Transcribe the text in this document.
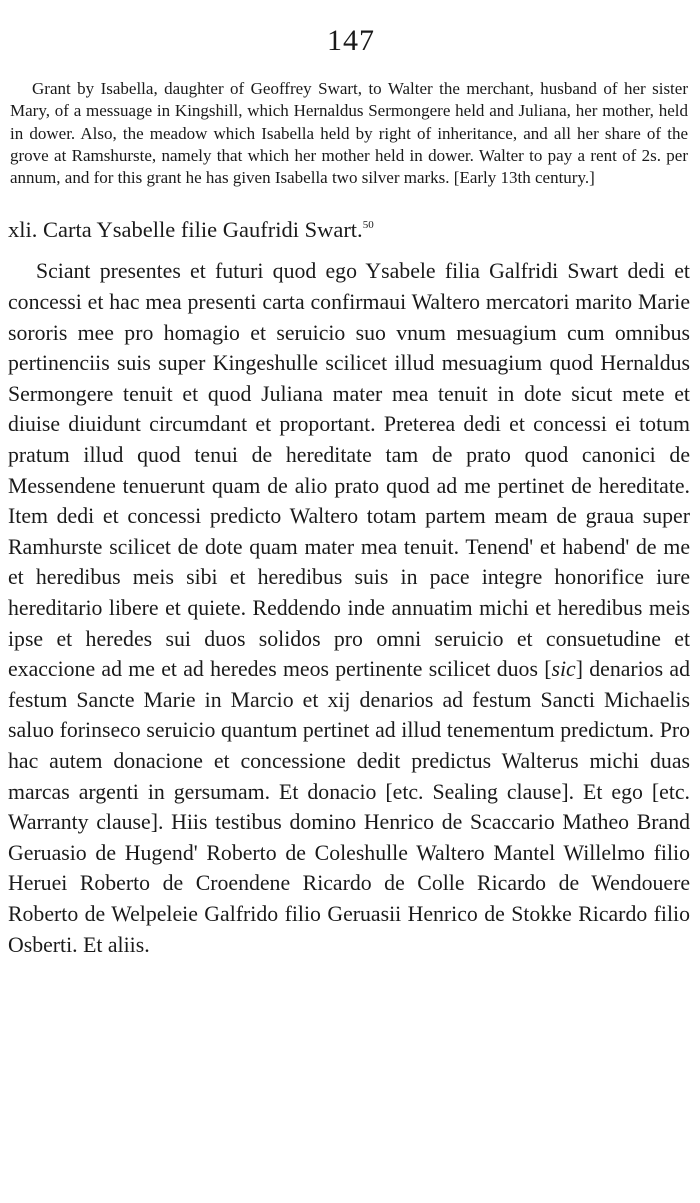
147

Grant by Isabella, daughter of Geoffrey Swart, to Walter the merchant, husband of her sister Mary, of a messuage in Kingshill, which Hernaldus Sermongere held and Juliana, her mother, held in dower. Also, the meadow which Isabella held by right of inheritance, and all her share of the grove at Ramshurste, namely that which her mother held in dower. Walter to pay a rent of 2s. per annum, and for this grant he has given Isabella two silver marks. [Early 13th century.]

xli. Carta Ysabelle filie Gaufridi Swart.$^{50}$

Sciant presentes et futuri quod ego Ysabele filia Galfridi Swart dedi et concessi et hac mea presenti carta confirmaui Waltero mercatori marito Marie sororis mee pro homagio et seruicio suo vnum mesuagium cum omnibus pertinenciis suis super Kingeshulle scilicet illud mesuagium quod Hernaldus Sermongere tenuit et quod Juliana mater mea tenuit in dote sicut mete et diuise diuidunt circumdant et proportant. Preterea dedi et concessi ei totum pratum illud quod tenui de hereditate tam de prato quod canonici de Messendene tenuerunt quam de alio prato quod ad me pertinet de hereditate. Item dedi et concessi predicto Waltero totam partem meam de graua super Ramhurste scilicet de dote quam mater mea tenuit. Tenend' et habend' de me et heredibus meis sibi et heredibus suis in pace integre honorifice iure hereditario libere et quiete. Reddendo inde annuatim michi et heredibus meis ipse et heredes sui duos solidos pro omni seruicio et consuetudine et exaccione ad me et ad heredes meos pertinente scilicet duos [sic] denarios ad festum Sancte Marie in Marcio et xij denarios ad festum Sancti Michaelis saluo forinseco seruicio quantum pertinet ad illud tenementum predictum. Pro hac autem donacione et concessione dedit predictus Walterus michi duas marcas argenti in gersumam. Et donacio [etc. Sealing clause]. Et ego [etc. Warranty clause]. Hiis testibus domino Henrico de Scaccario Matheo Brand Geruasio de Hugend' Roberto de Coleshulle Waltero Mantel Willelmo filio Heruei Roberto de Croendene Ricardo de Colle Ricardo de Wendouere Roberto de Welpeleie Galfrido filio Geruasii Henrico de Stokke Ricardo filio Osberti. Et aliis.
